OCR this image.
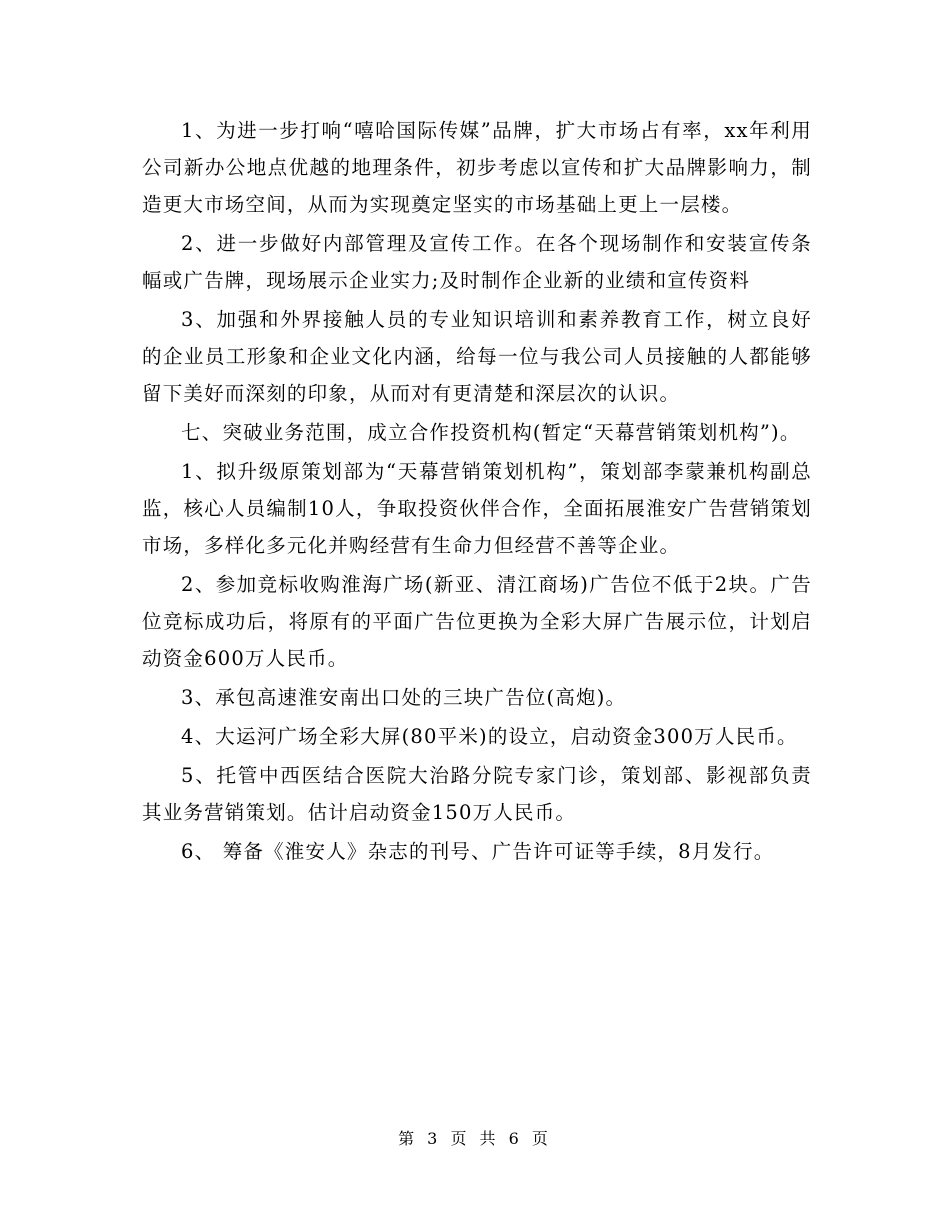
1、为进一步打响“嘻哈国际传媒”品牌，扩大市场占有率，xx年利用公司新办公地点优越的地理条件，初步考虑以宣传和扩大品牌影响力，制造更大市场空间，从而为实现奠定坚实的市场基础上更上一层楼。

2、进一步做好内部管理及宣传工作。在各个现场制作和安装宣传条幅或广告牌，现场展示企业实力;及时制作企业新的业绩和宣传资料

3、加强和外界接触人员的专业知识培训和素养教育工作，树立良好的企业员工形象和企业文化内涵，给每一位与我公司人员接触的人都能够留下美好而深刻的印象，从而对有更清楚和深层次的认识。

七、突破业务范围，成立合作投资机构(暂定“天幕营销策划机构”)。

1、拟升级原策划部为“天幕营销策划机构”，策划部李蒙兼机构副总监，核心人员编制10人，争取投资伙伴合作，全面拓展淮安广告营销策划市场，多样化多元化并购经营有生命力但经营不善等企业。

2、参加竞标收购淮海广场(新亚、清江商场)广告位不低于2块。广告位竞标成功后，将原有的平面广告位更换为全彩大屏广告展示位，计划启动资金600万人民币。

3、承包高速淮安南出口处的三块广告位(高炮)。

4、大运河广场全彩大屏(80平米)的设立，启动资金300万人民币。

5、托管中西医结合医院大治路分院专家门诊，策划部、影视部负责其业务营销策划。估计启动资金150万人民币。

6、 筹备《淮安人》杂志的刊号、广告许可证等手续，8月发行。

第 3 页 共 6 页
